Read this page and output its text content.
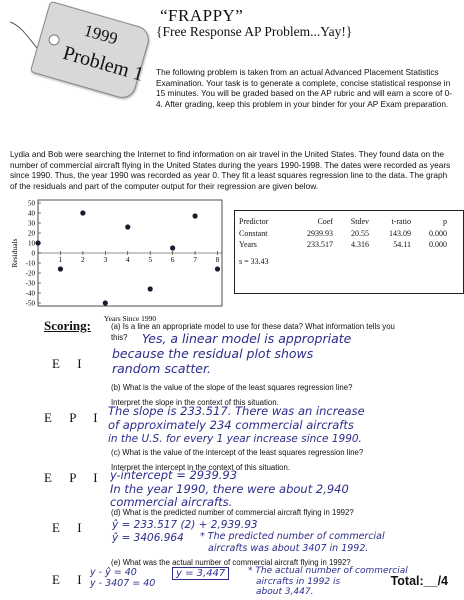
1999
Problem 1
“FRAPPY”
{Free Response AP Problem...Yay!}
The following problem is taken from an actual Advanced Placement Statistics Examination. Your task is to generate a complete, concise statistical response in 15 minutes. You will be graded based on the AP rubric and will earn a score of 0-4. After grading, keep this problem in your binder for your AP Exam preparation.
Lydia and Bob were searching the Internet to find information on air travel in the United States. They found data on the number of commercial aircraft flying in the United States during the years 1990-1998. The dates were recorded as years since 1990. Thus, the year 1990 was recorded as year 0. They fit a least squares regression line to the data. The graph of the residuals and part of the computer output for their regression are given below.
50
40
30
20
10
0
-10
-20
-30
-40
-50
1 2 3 4 5 6 7 8
Years Since 1990
Residuals
Predictor	Coef	Stdev	t-ratio	p
Constant	2939.93	20.55	143.09	0.000
Years	233.517	4.316	54.11	0.000
s = 33.43
Scoring:
E I
(a) Is a line an appropriate model to use for these data? What information tells you
this?	Yes, a linear model is appropriate
because the residual plot shows
random scatter.
E P I
(b) What is the value of the slope of the least squares regression line?
Interpret the slope in the context of this situation.
The slope is 233.517. There was an increase
of approximately 234 commercial aircrafts
in the U.S. for every 1 year increase since 1990.
E P I
(c) What is the value of the intercept of the least squares regression line?
Interpret the intercept in the context of this situation.
y-intercept = 2939.93
In the year 1990, there were about 2,940
commercial aircrafts.
E I
(d) What is the predicted number of commercial aircraft flying in 1992?
ŷ = 233.517 (2) + 2,939.93
ŷ = 3406.964	* The predicted number of commercial
aircrafts was about 3407 in 1992.
E I
(e) What was the actual number of commercial aircraft flying in 1992?
y - ŷ = 40
y - 3407 = 40
y = 3,447	* The actual number of commercial
aircrafts in 1992 is
about 3,447.
Total:__/4
